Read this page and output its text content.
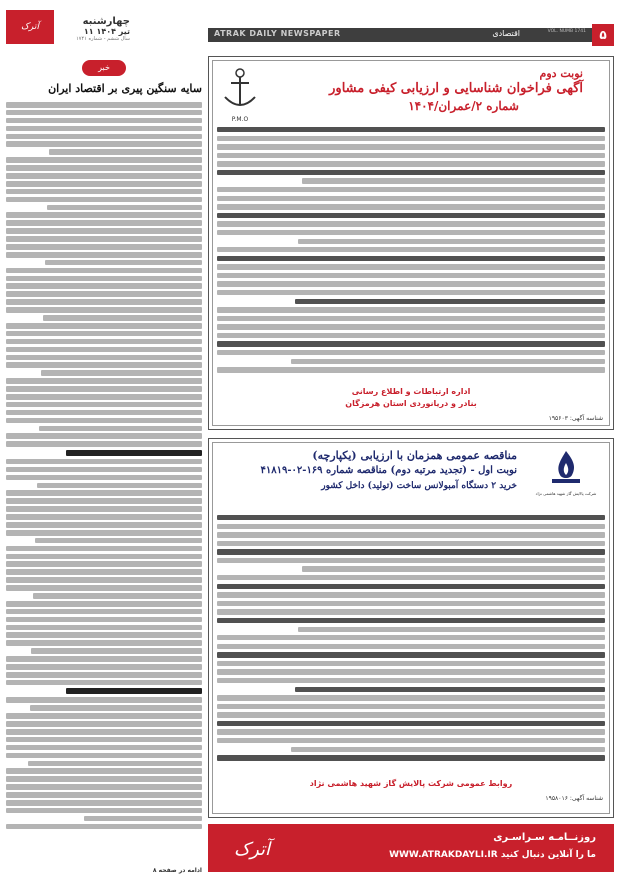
آترک	چهارشنبه
۱۱ تیر ۱۴۰۴
سال ششم - شماره ۱۷۴۱
ATRAK DAILY NEWSPAPER	اقتصادی	VOL. NUMB 1741	۵
خبر
سایه سنگین پیری بر اقتصاد ایران
ادامه در صفحه ۸
P.M.O
نوبت دوم
آگهی فراخوان شناسایی و ارزیابی کیفی مشاور
شماره ۲/عمران/۱۴۰۴
اداره ارتباطات و اطلاع رسانی
بنادر و دریانوردی استان هرمزگان
شناسه آگهی: ۱۹۵۶۰۳
شرکت پالایش گاز شهید هاشمی نژاد
مناقصه عمومی همزمان با ارزیابی (یکپارچه)
نوبت اول - (تجدید مرتبه دوم) مناقصه شماره ۱۶۹-۰۲-۴۱۸۱۹
خرید ۲ دستگاه آمبولانس ساخت (تولید) داخل کشور
روابط عمومی شرکت پالایش گاز شهید هاشمی نژاد
شناسه آگهی: ۱۹۵۸۰۱۶
آترک
روزنــامـه سـراسـری
WWW.ATRAKDAYLI.IR ما را آنلاین دنبال کنید
